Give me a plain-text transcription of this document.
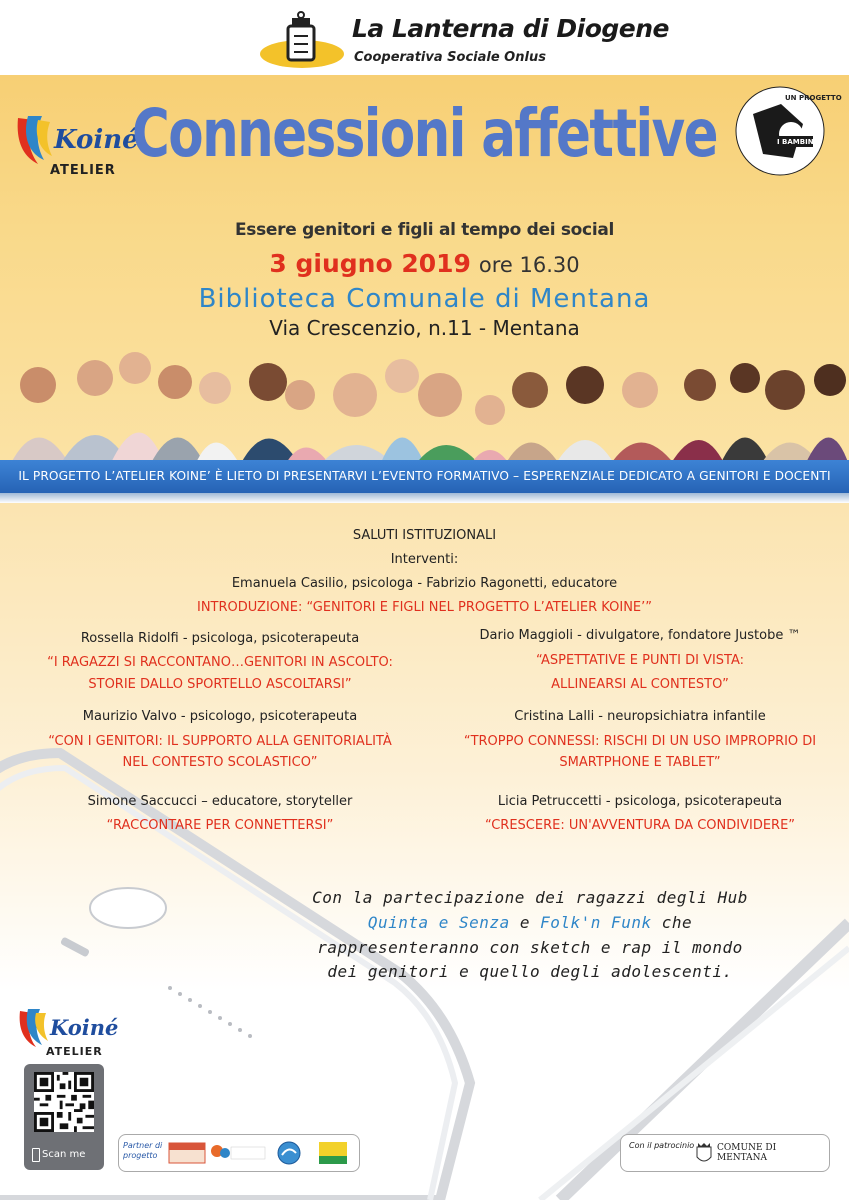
La Lanterna di Diogene
Cooperativa Sociale Onlus
Koiné
ATELIER Connessioni affettive
Essere genitori e figli al tempo dei social
3 giugno 2019 ore 16.30
Biblioteca Comunale di Mentana
Via Crescenzio, n.11 - Mentana
UN PROGETTO
CON
I BAMBINI
IL PROGETTO L’ATELIER KOINE’ È LIETO DI PRESENTARVI L’EVENTO FORMATIVO – ESPERENZIALE DEDICATO A GENITORI E DOCENTI
SALUTI ISTITUZIONALI
Interventi:
Emanuela Casilio, psicologa - Fabrizio Ragonetti, educatore
INTRODUZIONE: “GENITORI E FIGLI NEL PROGETTO L’ATELIER KOINE’”
Rossella Ridolfi - psicologa, psicoterapeuta
“I RAGAZZI SI RACCONTANO…GENITORI IN ASCOLTO:
STORIE DALLO SPORTELLO ASCOLTARSI”
Maurizio Valvo - psicologo, psicoterapeuta
“CON I GENITORI: IL SUPPORTO ALLA GENITORIALITÀ
NEL CONTESTO SCOLASTICO”
Simone Saccucci – educatore, storyteller
“RACCONTARE PER CONNETTERSI”
Dario Maggioli - divulgatore, fondatore Justobe ™
“ASPETTATIVE E PUNTI DI VISTA:
ALLINEARSI AL CONTESTO”
Cristina Lalli - neuropsichiatra infantile
“TROPPO CONNESSI: RISCHI DI UN USO IMPROPRIO DI
SMARTPHONE E TABLET”
Licia Petruccetti - psicologa, psicoterapeuta
“CRESCERE: UN'AVVENTURA DA CONDIVIDERE”
Con la partecipazione dei ragazzi degli Hub
Quinta e Senza e Folk'n Funk che
rappresenteranno con sketch e rap il mondo
dei genitori e quello degli adolescenti.
Koiné
ATELIER
Scan me
Partner di progetto
Con il patrocinio	COMUNE DI
MENTANA
